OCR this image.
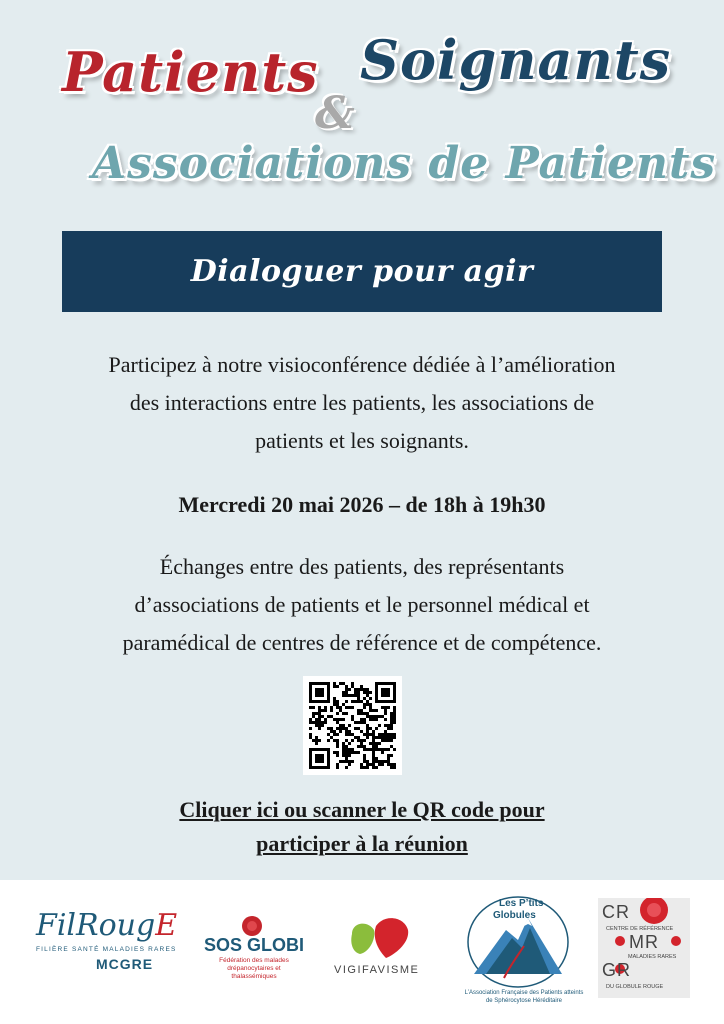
Patients
&
Soignants
Associations de Patients
Dialoguer pour agir
Participez à notre visioconférence dédiée à l’amélioration
des interactions entre les patients, les associations de
patients et les soignants.
Mercredi 20 mai 2026 – de 18h à 19h30
Échanges entre des patients, des représentants
d’associations de patients et le personnel médical et
paramédical de centres de référence et de compétence.
Cliquer ici ou scanner le QR code pour
participer à la réunion
FilRougE
FILIÈRE SANTÉ MALADIES RARES
MCGRE
SOS GLOBI
Fédération des malades drépanocytaires et thalassémiques
VIGIFAVISME
Les P’tits
Globules
L’Association Française des Patients atteints de Sphérocytose Héréditaire
CR
CENTRE DE RÉFÉRENCE
MR
MALADIES RARES
GR
DU GLOBULE ROUGE
